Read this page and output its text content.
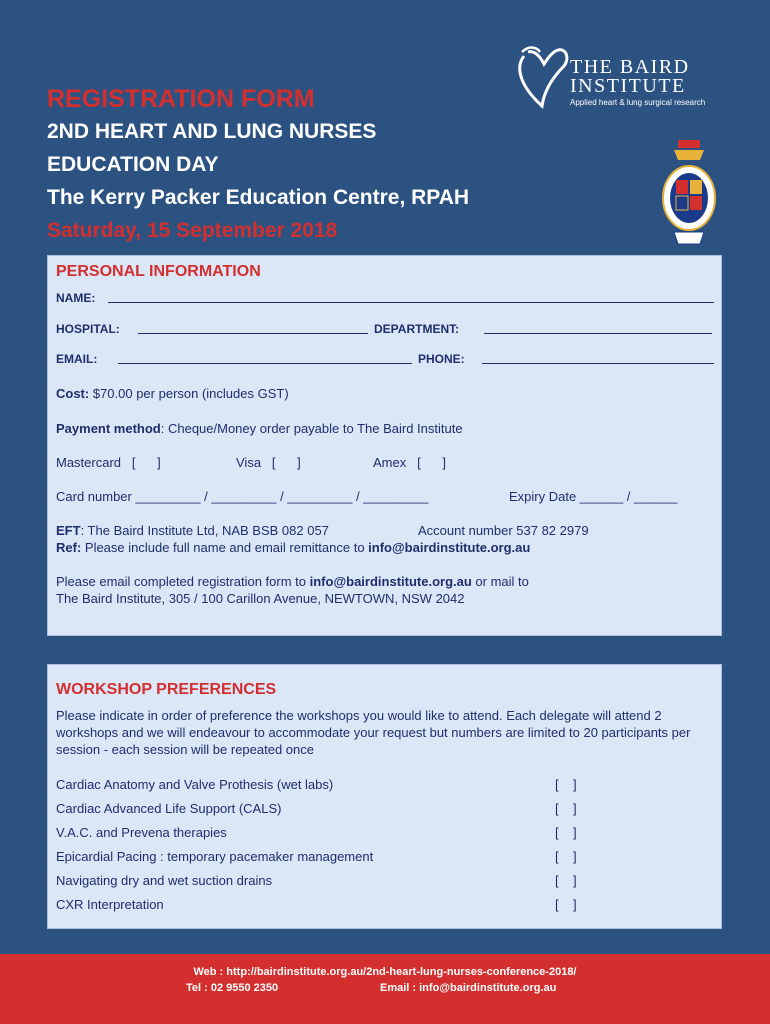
REGISTRATION FORM
2ND HEART AND LUNG NURSES
EDUCATION DAY
The Kerry Packer Education Centre, RPAH
Saturday, 15 September 2018
THE BAIRD
INSTITUTE
Applied heart & lung surgical research
PERSONAL INFORMATION
NAME:
HOSPITAL:	DEPARTMENT:
EMAIL:	PHONE:
Cost: $70.00 per person (includes GST)
Payment method: Cheque/Money order payable to The Baird Institute
Mastercard   [      ]	Visa   [      ]	Amex   [      ]
Card number _________ / _________ / _________ / _________	Expiry Date ______ / ______
EFT: The Baird Institute Ltd, NAB BSB 082 057	Account number 537 82 2979
Ref: Please include full name and email remittance to info@bairdinstitute.org.au
Please email completed registration form to info@bairdinstitute.org.au or mail to
The Baird Institute, 305 / 100 Carillon Avenue, NEWTOWN, NSW 2042
WORKSHOP PREFERENCES
Please indicate in order of preference the workshops you would like to attend. Each delegate will attend 2 workshops and we will endeavour to accommodate your request but numbers are limited to 20 participants per session - each session will be repeated once
Cardiac Anatomy and Valve Prothesis (wet labs)	[    ]
Cardiac Advanced Life Support (CALS)	[    ]
V.A.C. and Prevena therapies	[    ]
Epicardial Pacing : temporary pacemaker management	[    ]
Navigating dry and wet suction drains	[    ]
CXR Interpretation	[    ]
Web : http://bairdinstitute.org.au/2nd-heart-lung-nurses-conference-2018/
Tel : 02 9550 2350	Email : info@bairdinstitute.org.au
